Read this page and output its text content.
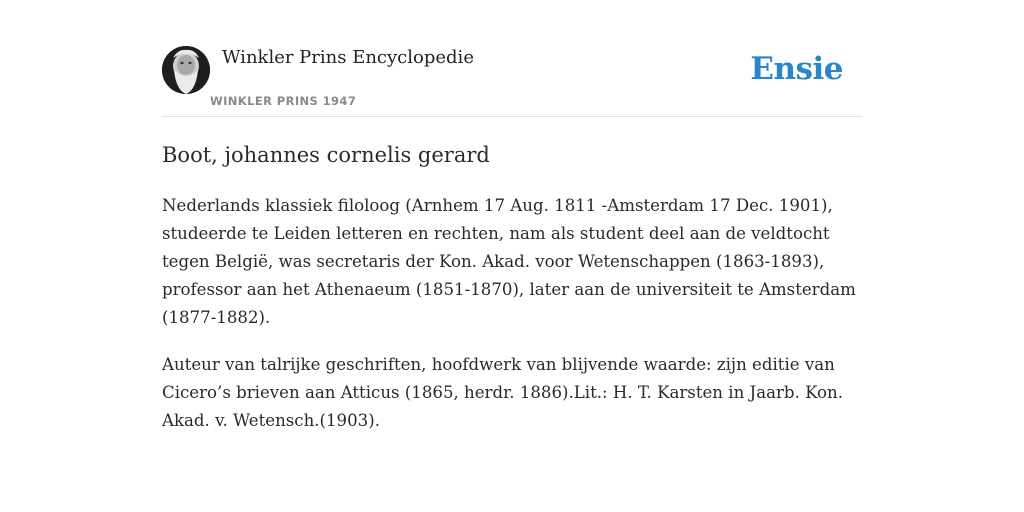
Winkler Prins Encyclopedie
WINKLER PRINS 1947
Ensie
Boot, johannes cornelis gerard

Nederlands klassiek filoloog (Arnhem 17 Aug. 1811 -Amsterdam 17 Dec. 1901), studeerde te Leiden letteren en rechten, nam als student deel aan de veldtocht tegen België, was secretaris der Kon. Akad. voor Wetenschappen (1863-1893), professor aan het Athenaeum (1851-1870), later aan de universiteit te Amsterdam (1877-1882).

Auteur van talrijke geschriften, hoofdwerk van blijvende waarde: zijn editie van Cicero’s brieven aan Atticus (1865, herdr. 1886).Lit.: H. T. Karsten in Jaarb. Kon. Akad. v. Wetensch.(1903).
